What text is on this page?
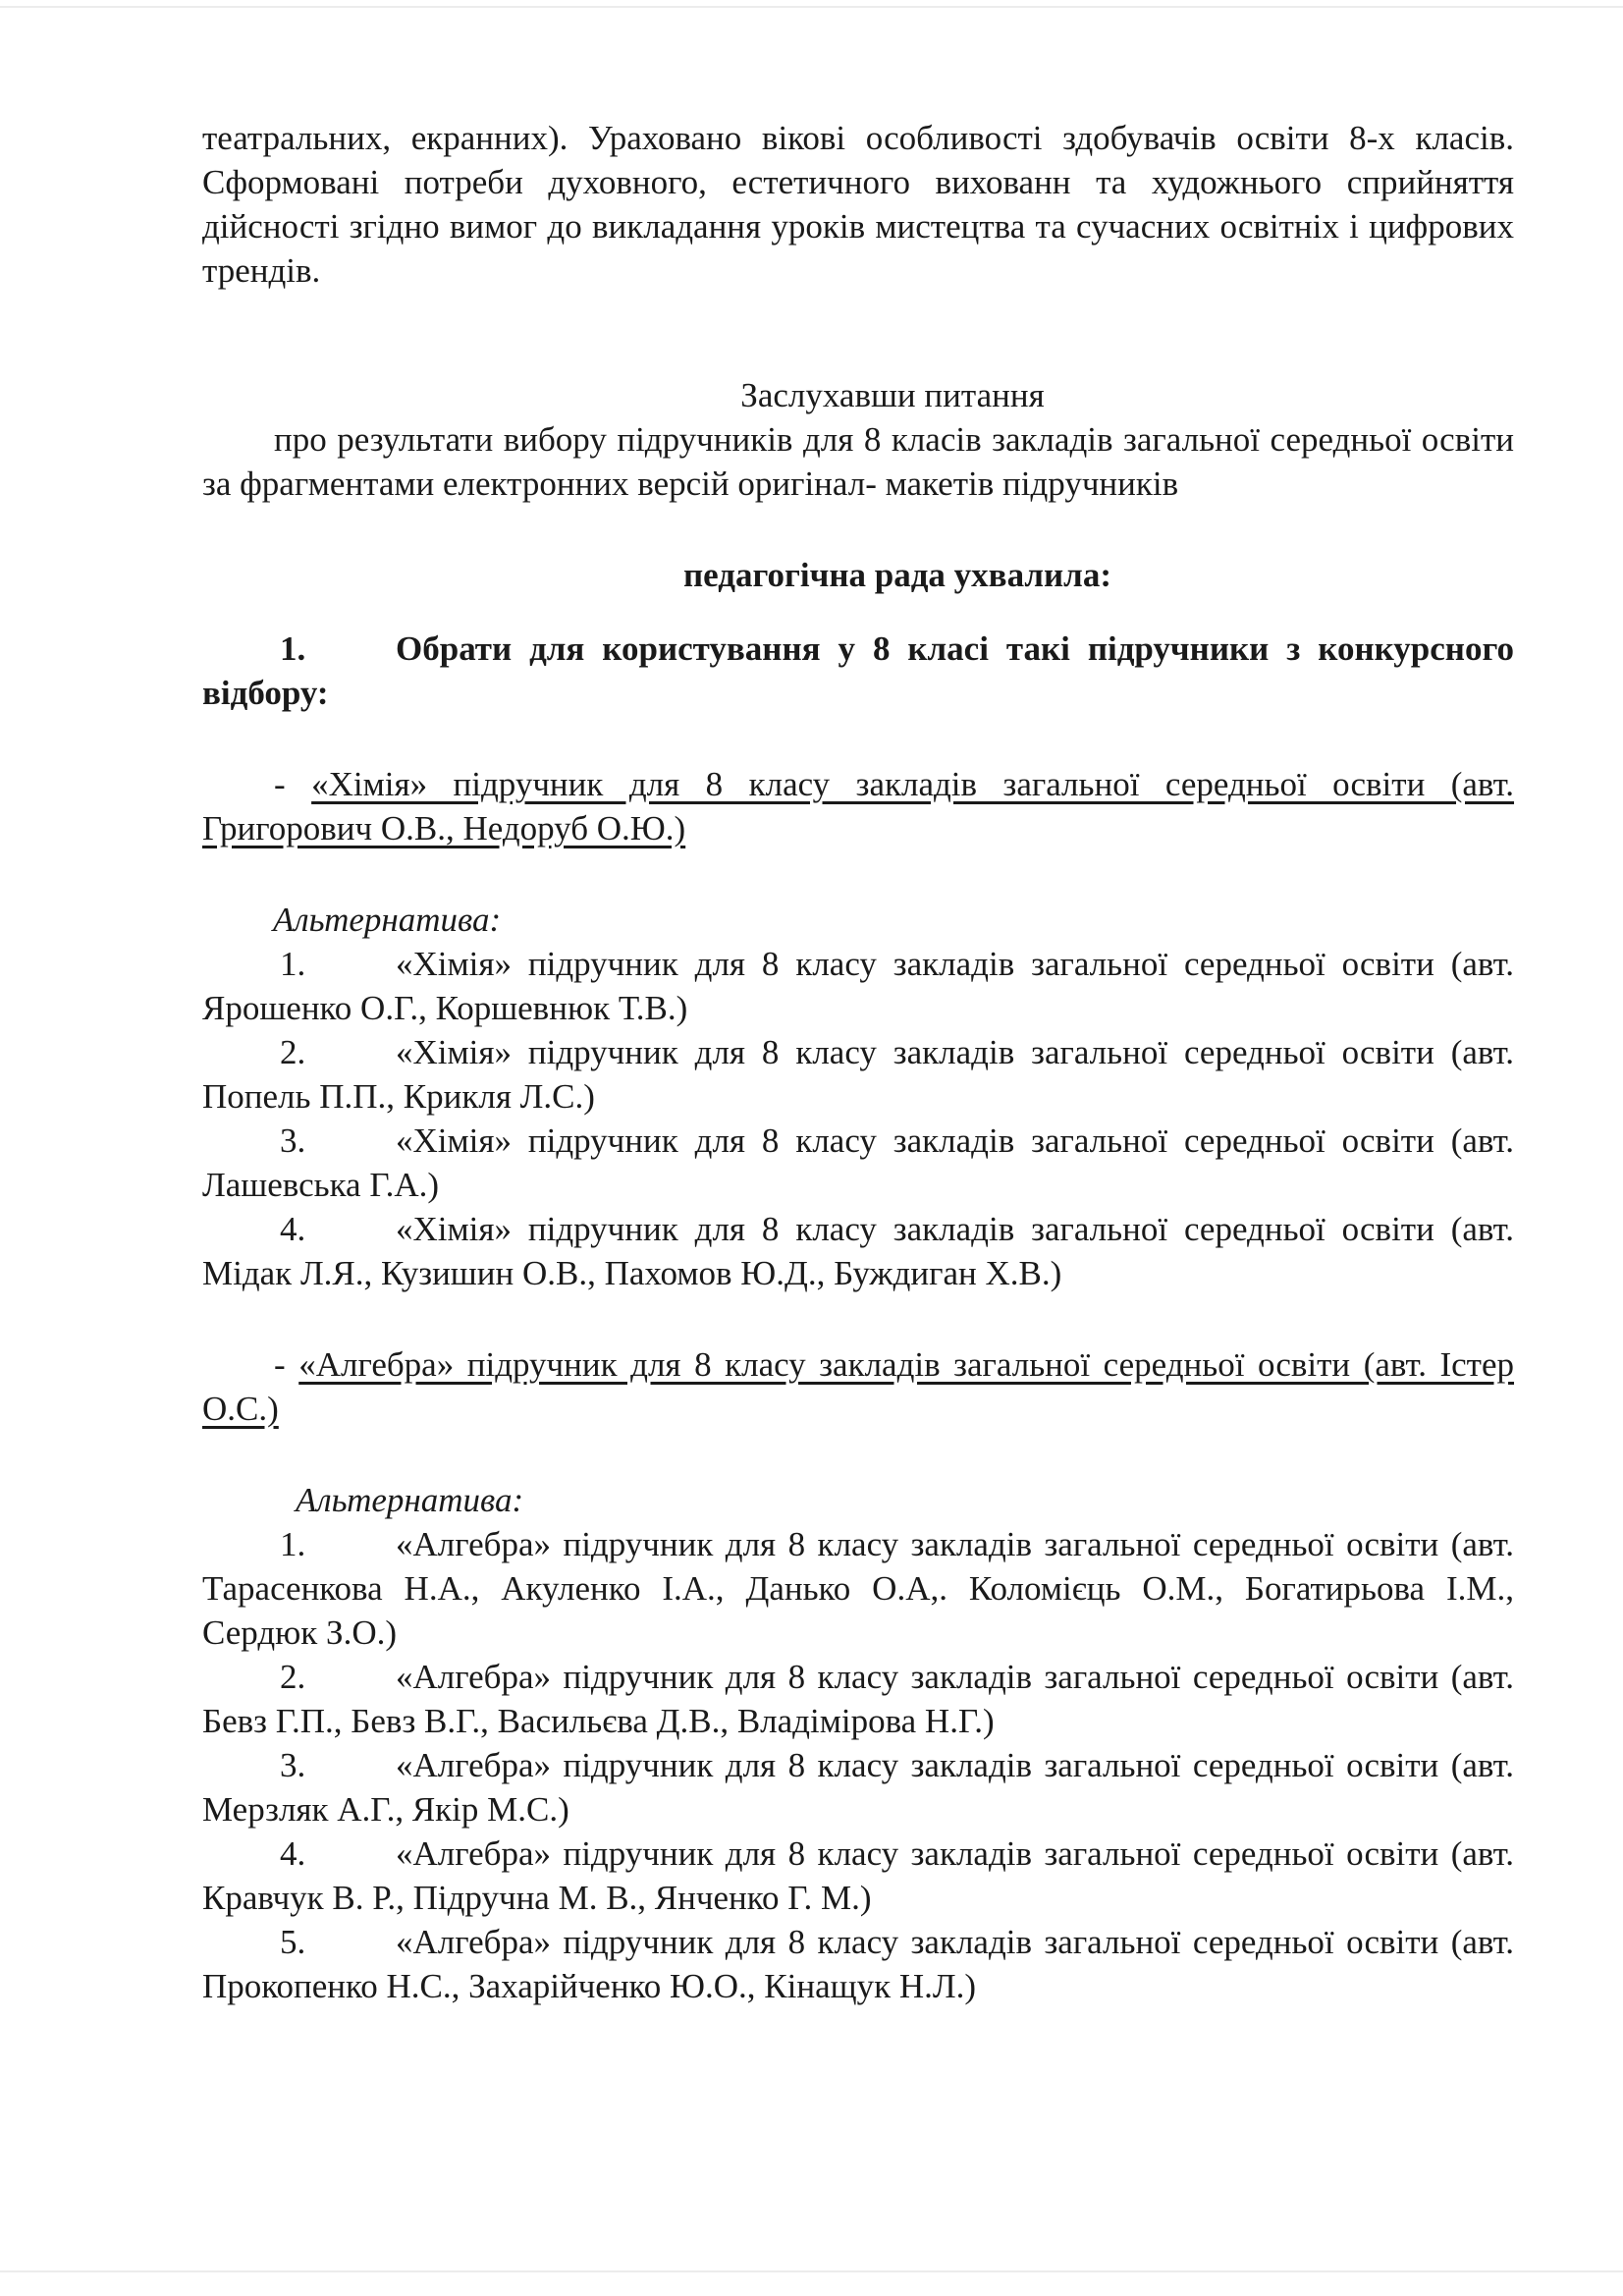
театральних, екранних). Ураховано вікові особливості здобувачів освіти 8-х класів. Сформовані потреби духовного, естетичного вихованн та художнього сприйняття дійсності згідно вимог до викладання уроків мистецтва та сучасних освітніх і цифрових трендів.

Заслухавши питання

про результати вибору підручників для 8 класів закладів загальної середньої освіти за фрагментами електронних версій оригінал- макетів підручників

педагогічна рада ухвалила:

1.	Обрати для користування у 8 класі такі підручники з конкурсного відбору:

- «Хімія» підручник для 8 класу закладів загальної середньої освіти (авт. Григорович О.В., Недоруб О.Ю.)

Альтернатива:

1.	«Хімія» підручник для 8 класу закладів загальної середньої освіти (авт. Ярошенко О.Г., Коршевнюк Т.В.)

2.	«Хімія» підручник для 8 класу закладів загальної середньої освіти (авт. Попель П.П., Крикля Л.С.)

3.	«Хімія» підручник для 8 класу закладів загальної середньої освіти (авт. Лашевська Г.А.)

4.	«Хімія» підручник для 8 класу закладів загальної середньої освіти (авт. Мідак Л.Я., Кузишин О.В., Пахомов Ю.Д., Буждиган Х.В.)

- «Алгебра» підручник для 8 класу закладів загальної середньої освіти (авт. Істер О.С.)

Альтернатива:

1.	«Алгебра» підручник для 8 класу закладів загальної середньої освіти (авт. Тарасенкова Н.А., Акуленко І.А., Данько О.А,. Коломієць О.М., Богатирьова І.М., Сердюк З.О.)

2.	«Алгебра» підручник для 8 класу закладів загальної середньої освіти (авт. Бевз Г.П., Бевз В.Г., Васильєва Д.В., Владімірова Н.Г.)

3.	«Алгебра» підручник для 8 класу закладів загальної середньої освіти (авт. Мерзляк А.Г., Якір М.С.)

4.	«Алгебра» підручник для 8 класу закладів загальної середньої освіти (авт. Кравчук В. Р., Підручна М. В., Янченко Г. М.)

5.	«Алгебра» підручник для 8 класу закладів загальної середньої освіти (авт. Прокопенко Н.С., Захарійченко Ю.О., Кінащук Н.Л.)
